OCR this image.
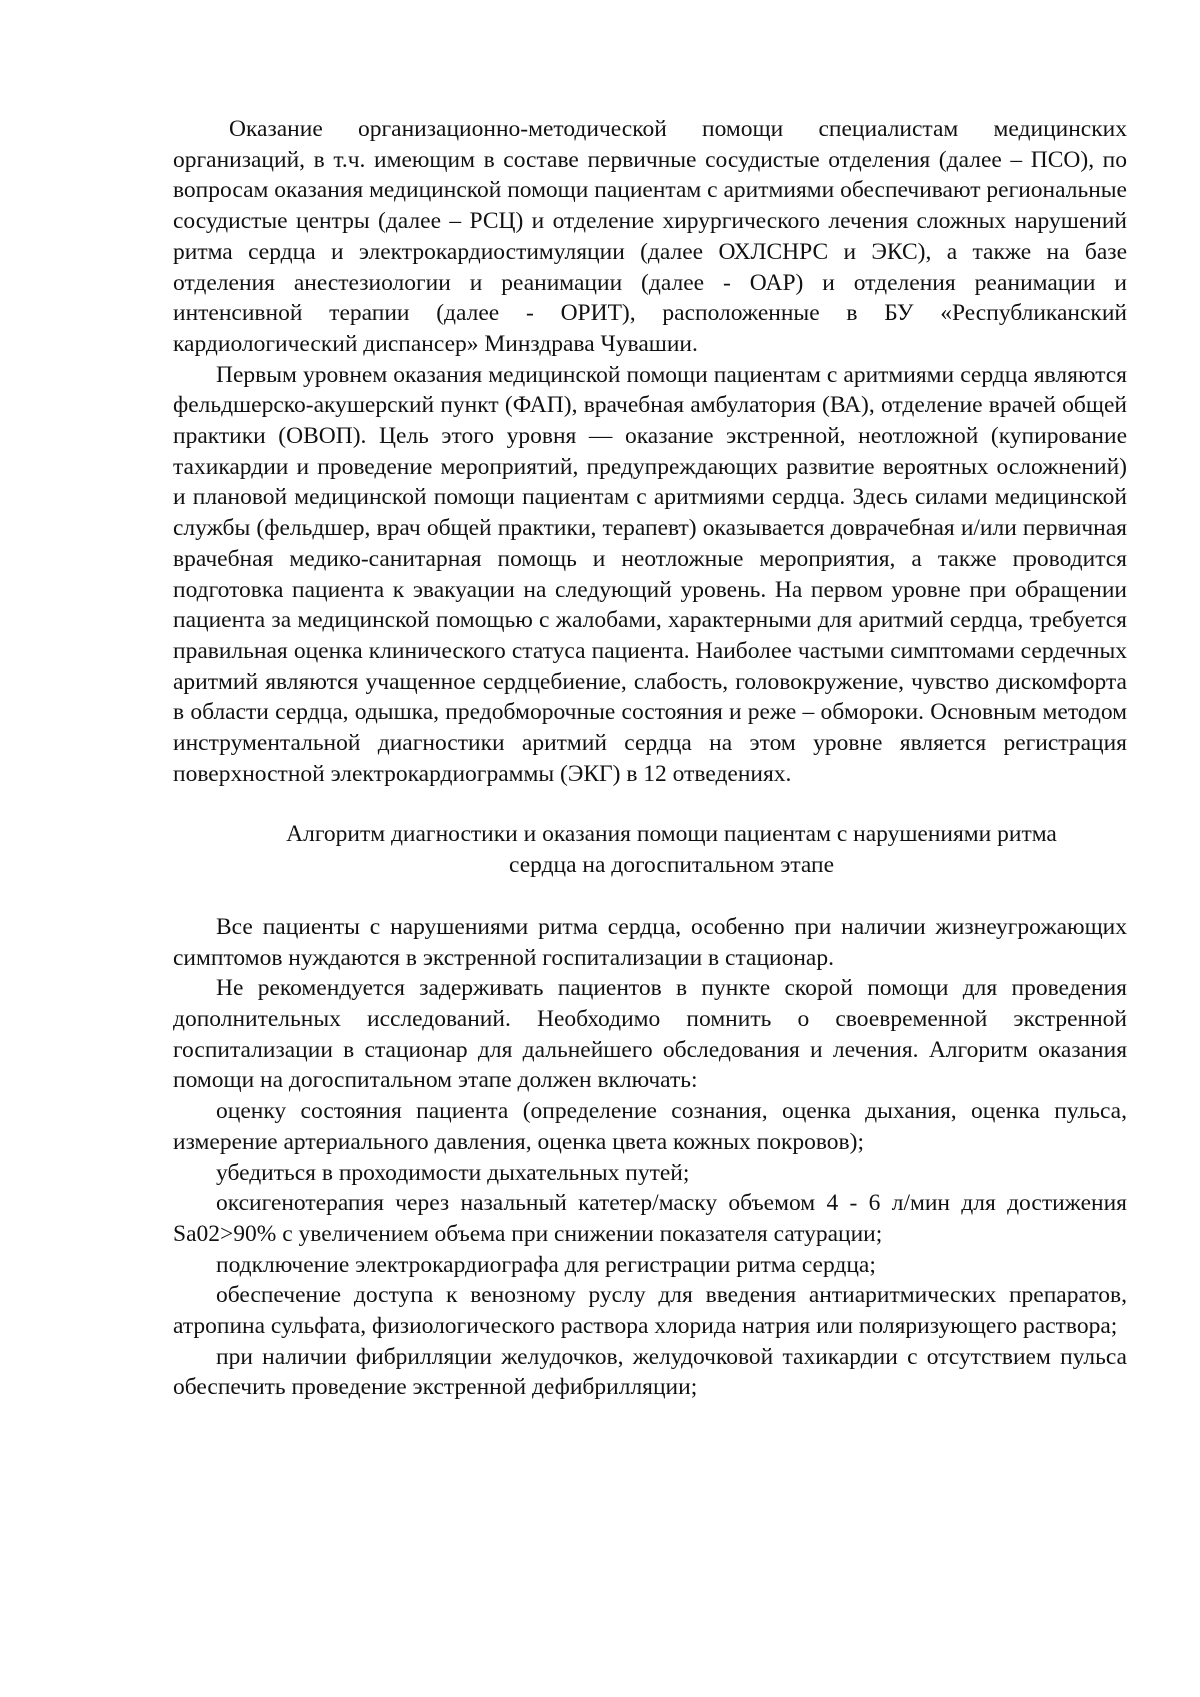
Оказание организационно-методической помощи специалистам медицинских организаций, в т.ч. имеющим в составе первичные сосудистые отделения (далее – ПСО), по вопросам оказания медицинской помощи пациентам с аритмиями обеспечивают региональные сосудистые центры (далее – РСЦ) и отделение хирургического лечения сложных нарушений ритма сердца и электрокардиостимуляции (далее ОХЛСНРС и ЭКС), а также на базе отделения анестезиологии и реанимации (далее - ОАР) и отделения реанимации и интенсивной терапии (далее - ОРИТ), расположенные в БУ «Республиканский кардиологический диспансер» Минздрава Чувашии.

Первым уровнем оказания медицинской помощи пациентам с аритмиями сердца являются фельдшерско-акушерский пункт (ФАП), врачебная амбулатория (ВА), отделение врачей общей практики (ОВОП). Цель этого уровня — оказание экстренной, неотложной (купирование тахикардии и проведение мероприятий, предупреждающих развитие вероятных осложнений) и плановой медицинской помощи пациентам с аритмиями сердца. Здесь силами медицинской службы (фельдшер, врач общей практики, терапевт) оказывается доврачебная и/или первичная врачебная медико-санитарная помощь и неотложные мероприятия, а также проводится подготовка пациента к эвакуации на следующий уровень. На первом уровне при обращении пациента за медицинской помощью с жалобами, характерными для аритмий сердца, требуется правильная оценка клинического статуса пациента. Наиболее частыми симптомами сердечных аритмий являются учащенное сердцебиение, слабость, головокружение, чувство дискомфорта в области сердца, одышка, предобморочные состояния и реже – обмороки. Основным методом инструментальной диагностики аритмий сердца на этом уровне является регистрация поверхностной электрокардиограммы (ЭКГ) в 12 отведениях.

Алгоритм диагностики и оказания помощи пациентам с нарушениями ритма
сердца на догоспитальном этапе

Все пациенты с нарушениями ритма сердца, особенно при наличии жизнеугрожающих симптомов нуждаются в экстренной госпитализации в стационар.

Не рекомендуется задерживать пациентов в пункте скорой помощи для проведения дополнительных исследований. Необходимо помнить о своевременной экстренной госпитализации в стационар для дальнейшего обследования и лечения. Алгоритм оказания помощи на догоспитальном этапе должен включать:

оценку состояния пациента (определение сознания, оценка дыхания, оценка пульса, измерение артериального давления, оценка цвета кожных покровов);

убедиться в проходимости дыхательных путей;

оксигенотерапия через назальный катетер/маску объемом 4 - 6 л/мин для достижения Sa02>90% с увеличением объема при снижении показателя сатурации;

подключение электрокардиографа для регистрации ритма сердца;

обеспечение доступа к венозному руслу для введения антиаритмических препаратов, атропина сульфата, физиологического раствора хлорида натрия или поляризующего раствора;

при наличии фибрилляции желудочков, желудочковой тахикардии с отсутствием пульса обеспечить проведение экстренной дефибрилляции;
